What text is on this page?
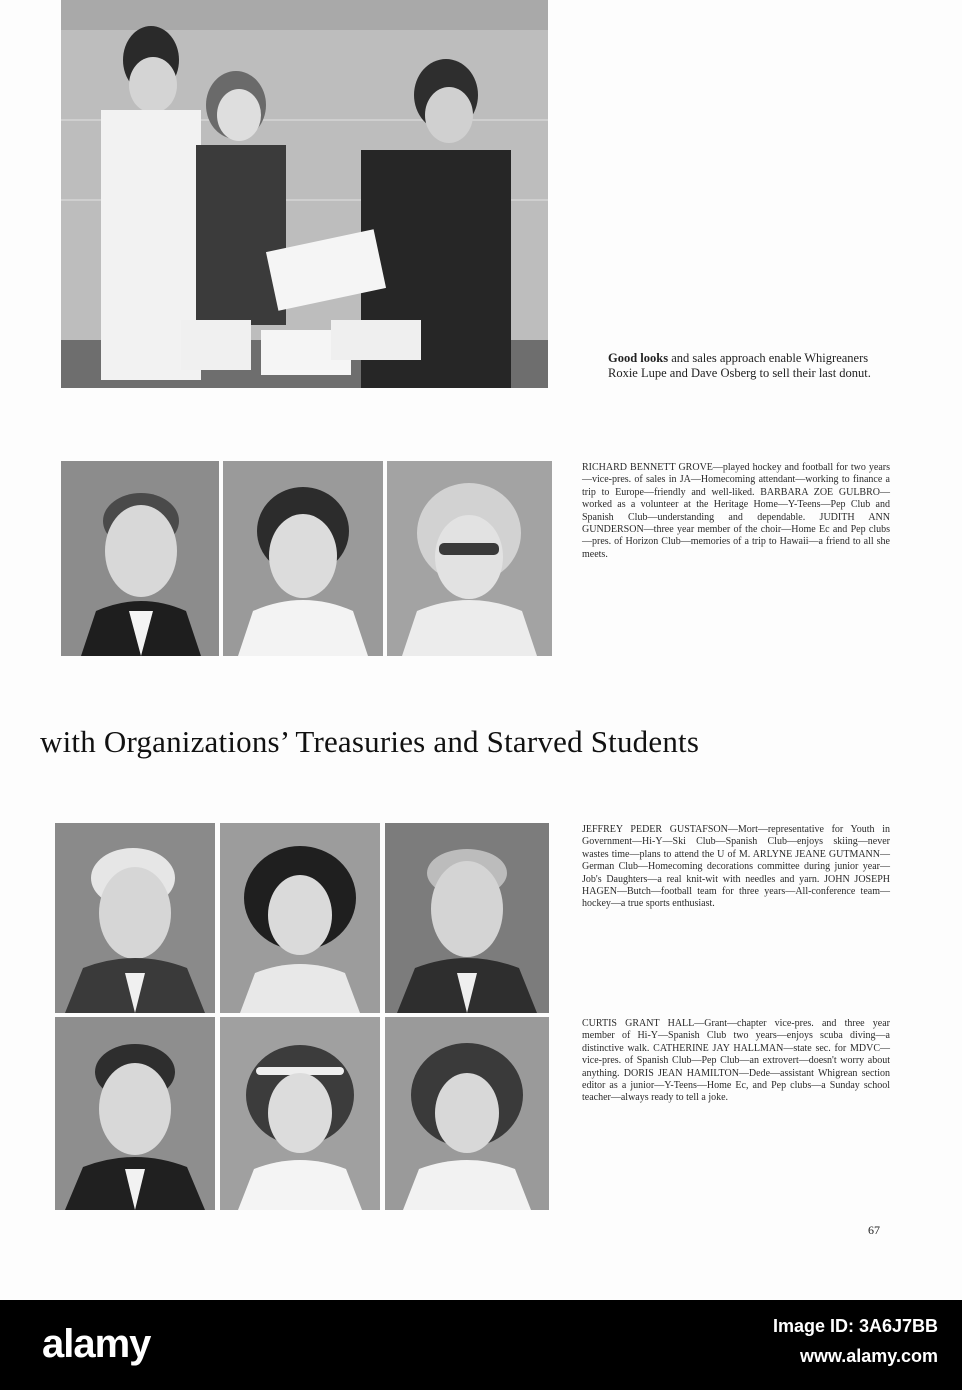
Good looks and sales approach enable Whigreaners Roxie Lupe and Dave Osberg to sell their last donut.
RICHARD BENNETT GROVE—played hockey and football for two years—vice-pres. of sales in JA—Homecoming attendant—working to finance a trip to Europe—friendly and well-liked. BARBARA ZOE GULBRO—worked as a volunteer at the Heritage Home—Y-Teens—Pep Club and Spanish Club—understanding and dependable. JUDITH ANN GUNDERSON—three year member of the choir—Home Ec and Pep clubs—pres. of Horizon Club—memories of a trip to Hawaii—a friend to all she meets.
with Organizations’ Treasuries and Starved Students
JEFFREY PEDER GUSTAFSON—Mort—representative for Youth in Government—Hi-Y—Ski Club—Spanish Club—enjoys skiing—never wastes time—plans to attend the U of M. ARLYNE JEANE GUTMANN—German Club—Homecoming decorations committee during junior year—Job's Daughters—a real knit-wit with needles and yarn. JOHN JOSEPH HAGEN—Butch—football team for three years—All-conference team—hockey—a true sports enthusiast.
CURTIS GRANT HALL—Grant—chapter vice-pres. and three year member of Hi-Y—Spanish Club two years—enjoys scuba diving—a distinctive walk. CATHERINE JAY HALLMAN—state sec. for MDVC—vice-pres. of Spanish Club—Pep Club—an extrovert—doesn't worry about anything. DORIS JEAN HAMILTON—Dede—assistant Whigrean section editor as a junior—Y-Teens—Home Ec, and Pep clubs—a Sunday school teacher—always ready to tell a joke.
67
alamy	Image ID: 3A6J7BB
www.alamy.com
